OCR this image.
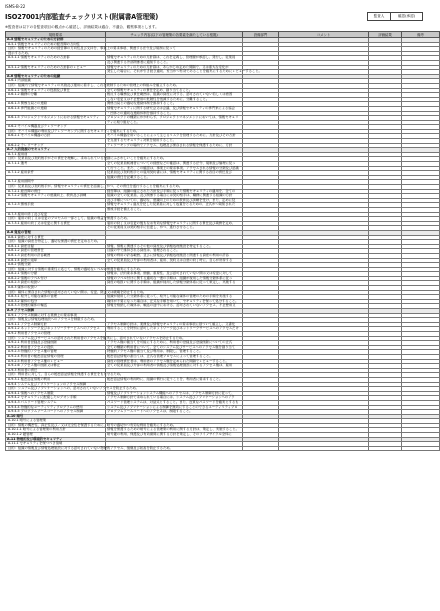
ISMS-B-22
ISO27001内部監査チェックリスト(附属書A管理策)	監査人	確認(承認)
※監査者は以下の各監査項目の観点から確認し、評価結果は適合、不適合、観察事項とします。
規格要求	チェック内容(以下の管理策の各要素を満たしている根拠)	設備部門	コメント	評価結果	備考
A.5 情報セキュリティのための方針群					
A.5.1 情報セキュリティのための経営陣の方向性					
目的：情報セキュリティのための経営陣の方向性及び支持を、事業上の要求事項、関連する法令及び規制に従って					
提示するため。					
A.5.1.1 情報セキュリティのための方針群	情報セキュリティのための方針群は、これを定義し、管理層が承認し、発行し、従業員				
	及び関連する外部関係者に通知すること。				
A.5.1.2 情報セキュリティのための方針群のレビュー	情報セキュリティのための方針群は、あらかじめ定めた間隔で、又は重大な変化が				
	発生した場合に、それが引き続き適切、妥当かつ有効であることを確実にするためにレビューすること。				
A.6 情報セキュリティのための組織					
A.6.1 内部組織					
目的：組織内で情報セキュリティの実施及び運用に着手し、これを統制するための管理上の枠組みを確立するため。					
A.6.1.1 情報セキュリティの役割及び責任	全ての情報セキュリティの責任を定め、割り当てること。				
A.6.1.2 職務の分離	相反する職務及び責任範囲は、組織の資産に対する、認可されていない若しくは意図				
	しない変更又は不正使用の危険性を低減するために、分離すること。				
A.6.1.3 関係当局との連絡	関係当局との適切な連絡体制を維持すること。				
A.6.1.4 専門組織との連絡	情報セキュリティに関する研究会又は会議、及び情報セキュリティの専門家による協会				
	・団体との適切な連絡体制を維持すること。				
A.6.1.5 プロジェクトマネジメントにおける情報セキュリティ	プロジェクトの種類にかかわらず、プロジェクトマネジメントにおいては、情報セキュリ				
	ティに取り組むこと。				
A.6.2 モバイル機器及びテレワーキング					
目的：モバイル機器の利用及びテレワーキングに関するセキュリティを確実にするため。					
A.6.2.1 モバイル機器の方針	モバイル機器を用いることによって生じるリスクを管理するために、方針及びその方針				
	を支援するセキュリティ対策を採用すること。				
A.6.2.2 テレワーキング	テレワーキングの場所でアクセス、処理及び保存される情報を保護するために、方針				
A.7 人的資源のセキュリティ					
A.7.1 雇用前					
目的：従業員及び契約相手がその責任を理解し、求められている役割にふさわしいことを確実にするため。					
A.7.1.1 選考	全ての従業員候補者についての経歴などの確認は、関連する法令、規制及び倫理に従っ				
	て行うこと。また、この確認は、事業上の要求事項、アクセスされる情報の分類及び認識				
A.7.1.2 雇用条件	従業員及び契約相手との雇用契約書には、情報セキュリティに関する各自の責任及び				
	組織の責任を記載すること。				
A.7.2 雇用期間中					
目的：従業員及び契約相手が、情報セキュリティの責任を認識し、かつ、その責任を遂行することを確実にするため。					
A.7.2.1 経営陣の責任	経営陣は、組織の確立された方針及び手順に従った情報セキュリティの適用を、全ての				
A.7.2.2 情報セキュリティの意識向上、教育及び訓練	組織の全ての従業員、及び関係する場合には契約相手は、職務に関連する組織の方針				
	及び手順についての、適切な、意識向上のための教育及び訓練を受け、また、定めに従				
A.7.2.3 懲戒手続	情報セキュリティ違反を犯した従業員に対して処置をとるための、正式かつ周知された				
	懲戒手続を備えること。				
A.7.3 雇用の終了及び変更					
目的：雇用の終了又は変更のプロセスの一部として、組織の利益を保護するため。					
A.7.3.1 雇用の終了又は変更に関する責任	雇用の終了又は変更の後もなお有効な情報セキュリティに関する責任及び義務を定め、				
	その従業員又は契約相手に伝達し、かつ、遂行させること。				
A.8 資産の管理					
A.8.1 資産に対する責任					
目的：組織の資産を特定し、適切な保護の責任を定めるため。					
A.8.1.1 資産目録	情報、情報に関連するその他の資産及び情報処理施設を特定すること。				
A.8.1.2 資産の管理責任	目録の中で維持される資産は、管理されること。				
A.8.1.3 資産利用の許容範囲	情報の利用の許容範囲、並びに情報及び情報処理施設と関連する資産の利用の許容				
A.8.1.4 資産の返却	全ての従業員及び外部の利用者は、雇用、契約又は合意の終了時に、自らが所持する				
A.8.2 情報分類					
目的：組織に対する情報の重要性に応じて、情報の適切なレベルの保護を確実にするため。					
A.8.2.1 情報の分類	情報は、法的要求事項、価値、重要性、及び認可されていない開示又は変更に対して				
A.8.2.2 情報のラベル付け	情報のラベル付けに関する適切な一連の手順は、組織が採用した情報分類体系に従っ				
A.8.2.3 資産の取扱い	資産の取扱いに関する手順は、組織が採用した情報分類体系に従って策定し、実施する				
A.8.3 媒体の取扱い					
目的：媒体に保存された情報の認可されていない開示、変更、除去又は破壊を防止するため。					
A.8.3.1 取外し可能な媒体の管理	組織が採用した分類体系に従って、取外し可能な媒体の管理のための手順を実施する				
A.8.3.2 媒体の処分	媒体が不要になった場合は、正式な手順を用いて、セキュリティを保って処分すること。				
A.8.3.3 物理的媒体の輸送	情報を格納した媒体は、輸送の途中における、認可されていないアクセス、不正使用又				
A.9 アクセス制御					
A.9.1 アクセス制御に対する業務上の要求事項					
目的：情報及び情報処理施設へのアクセスを制限するため。					
A.9.1.1 アクセス制御方針	アクセス制御方針は、業務及び情報セキュリティの要求事項に基づいて確立し、文書化				
A.9.1.2 ネットワーク及びネットワークサービスへのアクセス	利用することを特別に認可したネットワーク及びネットワークサービスへのアクセスだけ				
A.9.2 利用者アクセスの管理					
目的：システム及びサービスへの認可された利用者のアクセスを確実にし、認可されていないアクセスを防止するため。					
A.9.2.1 利用者登録及び登録削除	アクセス権の割当てを可能にするために、利用者の登録及び登録削除についての正式				
A.9.2.2 利用者アクセスの提供	全ての種類の利用者について、全てのシステム及びサービスへのアクセス権を割り当て				
A.9.2.3 特権的アクセス権の管理	特権的アクセス権の割当て及び利用は、制限し、管理すること。				
A.9.2.4 利用者の秘密認証情報の管理	秘密認証情報の割当ては、正式な管理プロセスによって管理すること。				
A.9.2.5 利用者アクセス権のレビュー	資産の管理責任者は、利用者のアクセス権を定められた間隔でレビューすること。				
A.9.2.6 アクセス権の削除又は修正	全ての従業員及び外部の利用者の情報及び情報処理施設に対するアクセス権は、雇用				
A.9.3 利用者の責任					
目的：利用者に対して、自らの秘密認証情報を保護する責任をもたせるため。					
A.9.3.1 秘密認証情報の利用	秘密認証情報の利用時に、組織の慣行に従うことを、利用者に要求すること。				
A.9.4 システム及びアプリケーションのアクセス制御					
目的：システム及びアプリケーションへの、認可されていないアクセスを防止するため。					
A.9.4.1 情報へのアクセス制限	情報及びアプリケーションシステム機能へのアクセスは、アクセス制御方針に従って、				
A.9.4.2 セキュリティに配慮したログオン手順	アクセス制御方針で求められている場合には、システム及びアプリケーションへのアク				
A.9.4.3 パスワード管理システム	パスワード管理システムは、対話式とすること。また、良質なパスワードを確実とするも				
A.9.4.4 特権的なユーティリティプログラムの使用	システム及びアプリケーションによる制御を無効にすることのできるユーティリティプロ				
A.9.4.5 プログラムソースコードへのアクセス制御	プログラムソースコードへのアクセスは、制限すること。				
A.10 暗号					
A.10.1 暗号による管理策					
目的：情報の機密性、真正性及び／又は完全性を保護するために、暗号の適切かつ有効な利用を確実にするため。					
A.10.1.1 暗号による管理策の利用方針	情報を保護するための暗号による管理策の利用に関する方針は、策定し、実施すること。				
A.10.1.2 鍵管理	暗号鍵の利用、保護及び有効期間に関する方針を策定し、そのライフサイクル全体に				
A.11 物理的及び環境的セキュリティ					
A.11.1 セキュリティを保つべき領域					
目的：組織の情報及び情報処理施設に対する認可されていない物理的アクセス、損傷及び妨害を防止するため。					
